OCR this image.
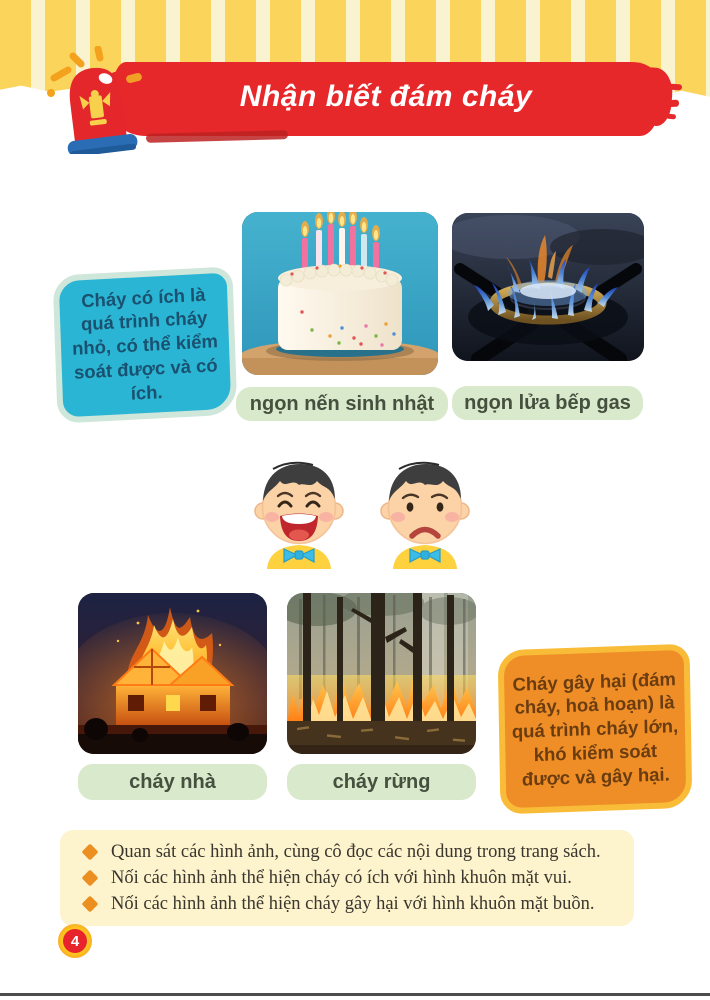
Nhận biết đám cháy
Cháy có ích là quá trình cháy nhỏ, có thể kiểm soát được và có ích.
ngọn nến sinh nhật ngọn lửa bếp gas
cháy nhà	cháy rừng
Cháy gây hại (đám cháy, hoả hoạn) là quá trình cháy lớn, khó kiểm soát được và gây hại.
Quan sát các hình ảnh, cùng cô đọc các nội dung trong trang sách.
Nối các hình ảnh thể hiện cháy có ích với hình khuôn mặt vui.
Nối các hình ảnh thể hiện cháy gây hại với hình khuôn mặt buồn.
4
